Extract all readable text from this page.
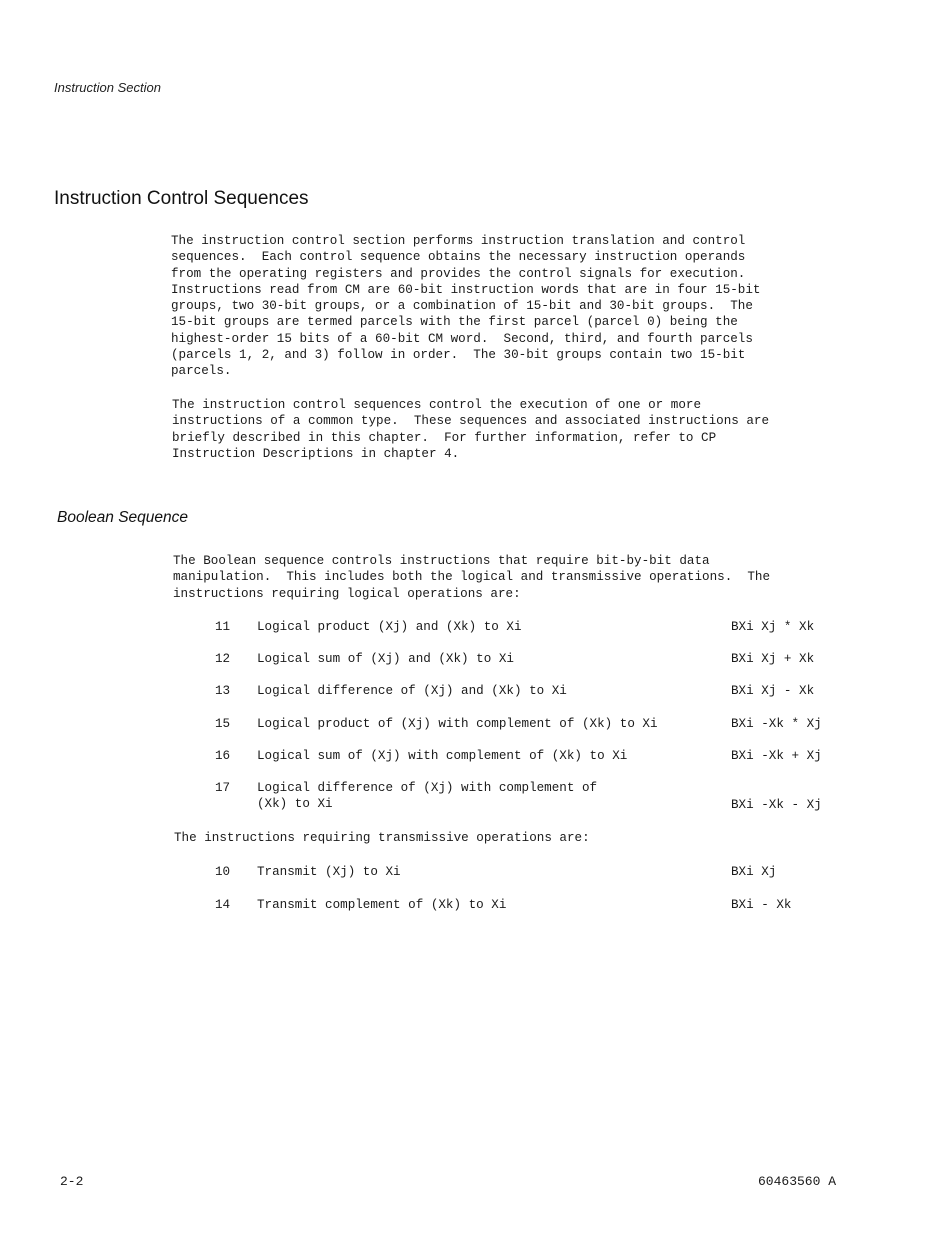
Instruction Section
Instruction Control Sequences

The instruction control section performs instruction translation and control
sequences.  Each control sequence obtains the necessary instruction operands
from the operating registers and provides the control signals for execution.
Instructions read from CM are 60-bit instruction words that are in four 15-bit
groups, two 30-bit groups, or a combination of 15-bit and 30-bit groups.  The
15-bit groups are termed parcels with the first parcel (parcel 0) being the
highest-order 15 bits of a 60-bit CM word.  Second, third, and fourth parcels
(parcels 1, 2, and 3) follow in order.  The 30-bit groups contain two 15-bit
parcels.

The instruction control sequences control the execution of one or more
instructions of a common type.  These sequences and associated instructions are
briefly described in this chapter.  For further information, refer to CP
Instruction Descriptions in chapter 4.

Boolean Sequence

The Boolean sequence controls instructions that require bit-by-bit data
manipulation.  This includes both the logical and transmissive operations.  The
instructions requiring logical operations are:

11 Logical product (Xj) and (Xk) to Xi	BXi Xj * Xk
12 Logical sum of (Xj) and (Xk) to Xi	BXi Xj + Xk
13 Logical difference of (Xj) and (Xk) to Xi	BXi Xj - Xk
15 Logical product of (Xj) with complement of (Xk) to Xi	BXi -Xk * Xj
16 Logical sum of (Xj) with complement of (Xk) to Xi	BXi -Xk + Xj
17 Logical difference of (Xj) with complement of
(Xk) to Xi	BXi -Xk - Xj

The instructions requiring transmissive operations are:

10 Transmit (Xj) to Xi	BXi Xj
14 Transmit complement of (Xk) to Xi	BXi - Xk
2-2	60463560 A
